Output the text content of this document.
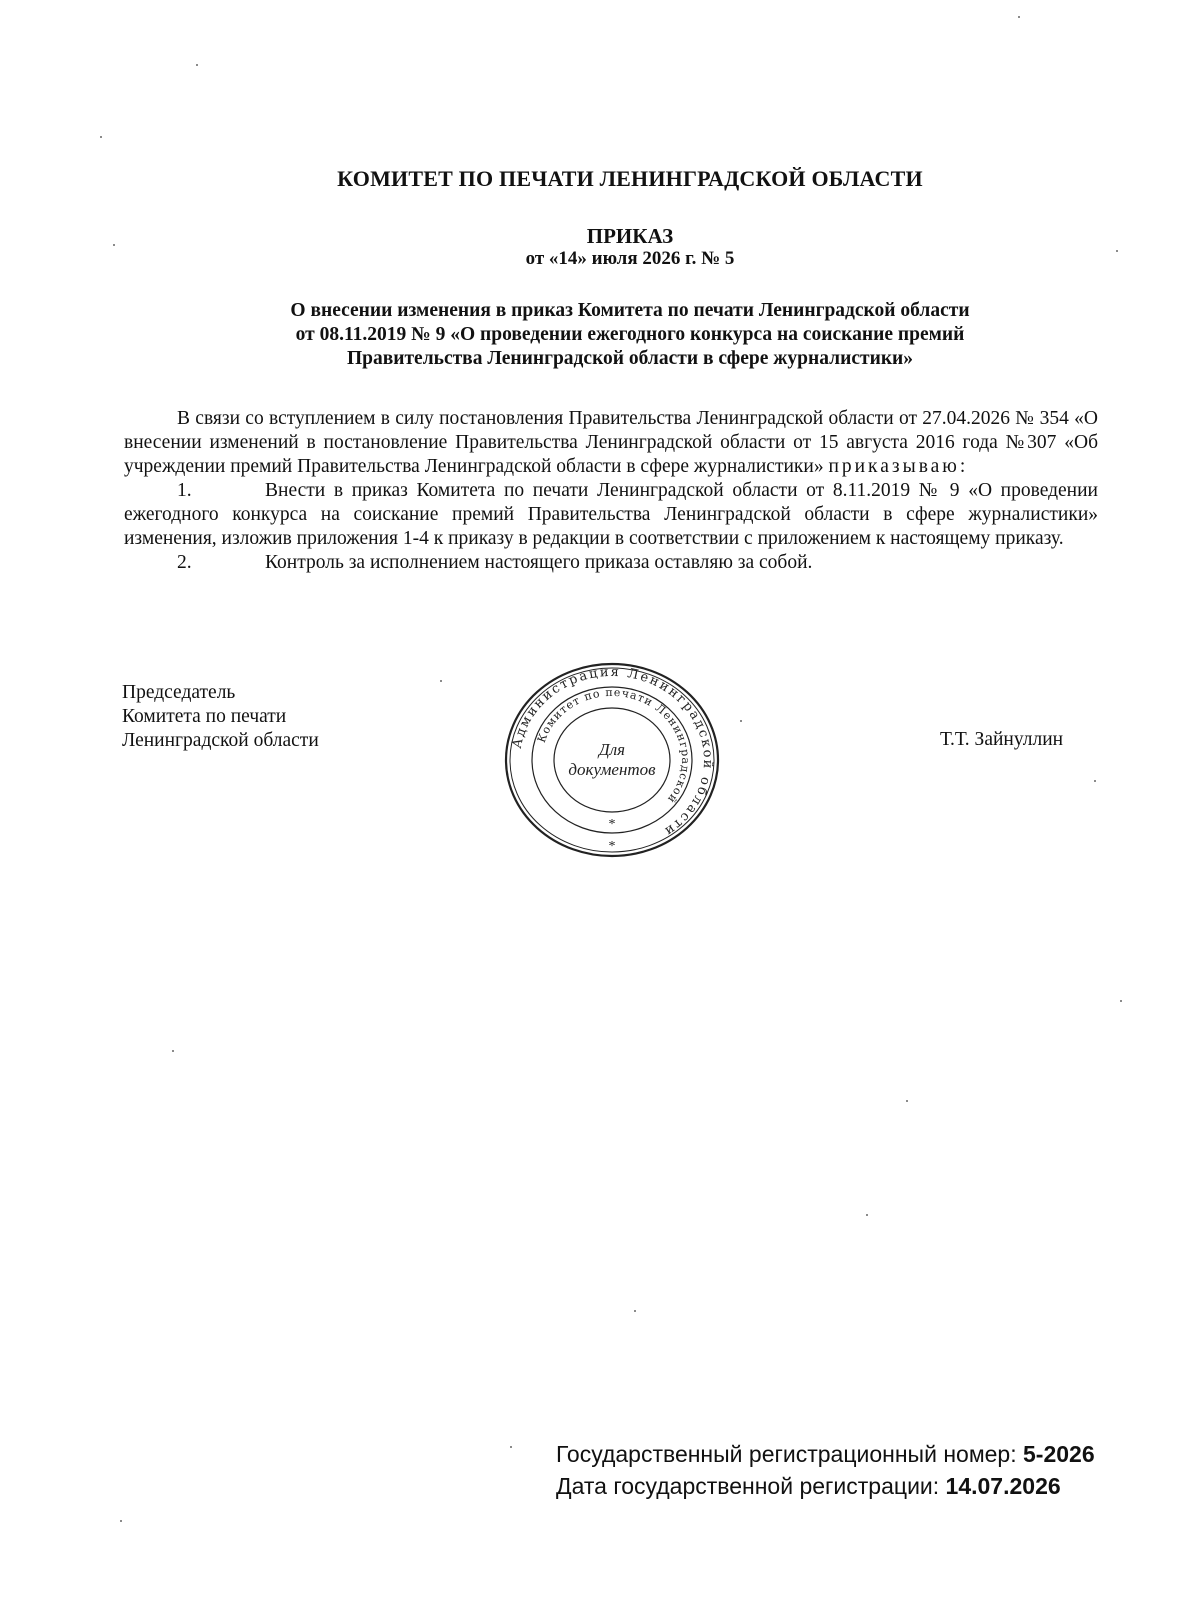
КОМИТЕТ ПО ПЕЧАТИ ЛЕНИНГРАДСКОЙ ОБЛАСТИ
ПРИКАЗ
от «14» июля 2026 г. № 5
О внесении изменения в приказ Комитета по печати Ленинградской области
от 08.11.2019 № 9 «О проведении ежегодного конкурса на соискание премий
Правительства Ленинградской области в сфере журналистики»

В связи со вступлением в силу постановления Правительства Ленинградской области от 27.04.2026 № 354 «О внесении изменений в постановление Правительства Ленинградской области от 15 августа 2016 года №307 «Об учреждении премий Правительства Ленинградской области в сфере журналистики» приказываю:

1.	Внести в приказ Комитета по печати Ленинградской области от 8.11.2019 № 9 «О проведении ежегодного конкурса на соискание премий Правительства Ленинградской области в сфере журналистики» изменения, изложив приложения 1-4 к приказу в редакции в соответствии с приложением к настоящему приказу.

2.	Контроль за исполнением настоящего приказа оставляю за собой.

Председатель
Комитета по печати
Ленинградской области	Администрация Ленинградской области
Комитет по печати Ленинградской
Для
документов
*
*
Т.Т. Зайнуллин
Государственный регистрационный номер: 5-2026
Дата государственной регистрации: 14.07.2026
